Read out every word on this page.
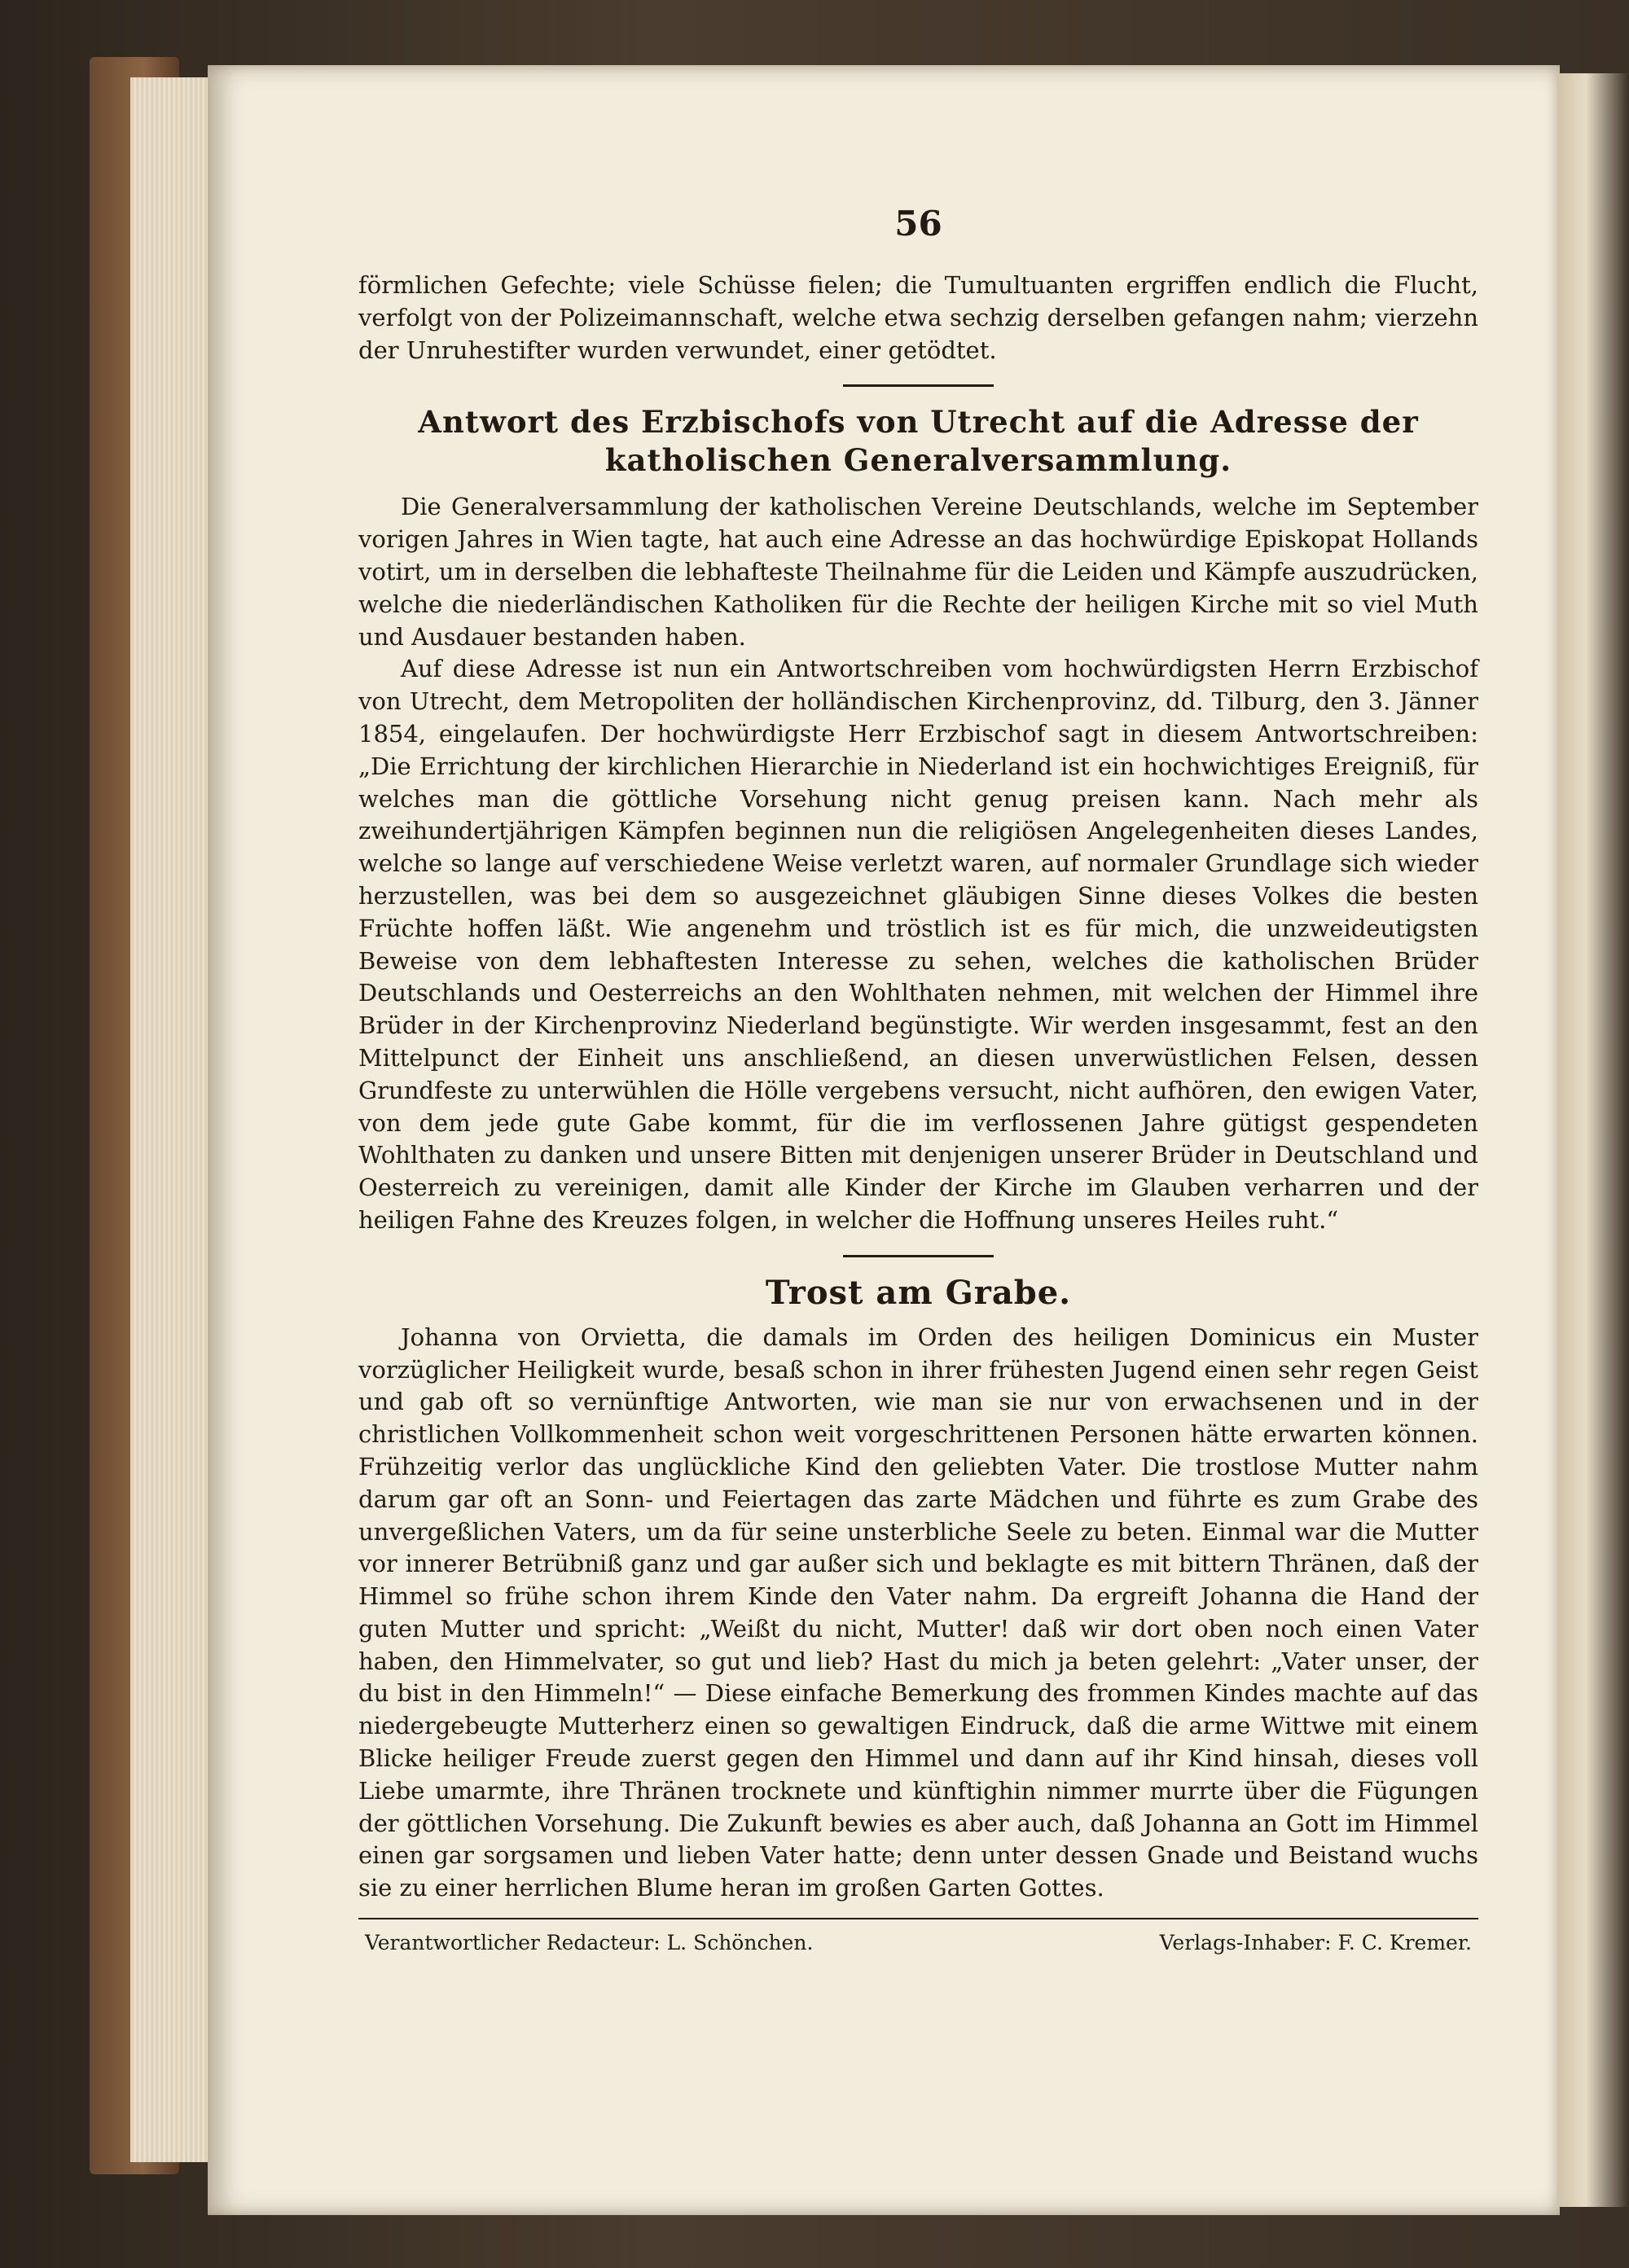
56

förmlichen Gefechte; viele Schüsse fielen; die Tumultuanten ergriffen endlich die Flucht, verfolgt von der Polizeimannschaft, welche etwa sechzig derselben gefangen nahm; vierzehn der Unruhestifter wurden verwundet, einer getödtet.

Antwort des Erzbischofs von Utrecht auf die Adresse der katholischen Generalversammlung.

Die Generalversammlung der katholischen Vereine Deutschlands, welche im September vorigen Jahres in Wien tagte, hat auch eine Adresse an das hochwürdige Episkopat Hollands votirt, um in derselben die lebhafteste Theilnahme für die Leiden und Kämpfe auszudrücken, welche die niederländischen Katholiken für die Rechte der heiligen Kirche mit so viel Muth und Ausdauer bestanden haben.

Auf diese Adresse ist nun ein Antwortschreiben vom hochwürdigsten Herrn Erzbischof von Utrecht, dem Metropoliten der holländischen Kirchenprovinz, dd. Tilburg, den 3. Jänner 1854, eingelaufen. Der hochwürdigste Herr Erzbischof sagt in diesem Antwortschreiben: „Die Errichtung der kirchlichen Hierarchie in Niederland ist ein hochwichtiges Ereigniß, für welches man die göttliche Vorsehung nicht genug preisen kann. Nach mehr als zweihundertjährigen Kämpfen beginnen nun die religiösen Angelegenheiten dieses Landes, welche so lange auf verschiedene Weise verletzt waren, auf normaler Grundlage sich wieder herzustellen, was bei dem so ausgezeichnet gläubigen Sinne dieses Volkes die besten Früchte hoffen läßt. Wie angenehm und tröstlich ist es für mich, die unzweideutigsten Beweise von dem lebhaftesten Interesse zu sehen, welches die katholischen Brüder Deutschlands und Oesterreichs an den Wohlthaten nehmen, mit welchen der Himmel ihre Brüder in der Kirchenprovinz Niederland begünstigte. Wir werden insgesammt, fest an den Mittelpunct der Einheit uns anschließend, an diesen unverwüstlichen Felsen, dessen Grundfeste zu unterwühlen die Hölle vergebens versucht, nicht aufhören, den ewigen Vater, von dem jede gute Gabe kommt, für die im verflossenen Jahre gütigst gespendeten Wohlthaten zu danken und unsere Bitten mit denjenigen unserer Brüder in Deutschland und Oesterreich zu vereinigen, damit alle Kinder der Kirche im Glauben verharren und der heiligen Fahne des Kreuzes folgen, in welcher die Hoffnung unseres Heiles ruht.“

Trost am Grabe.

Johanna von Orvietta, die damals im Orden des heiligen Dominicus ein Muster vorzüglicher Heiligkeit wurde, besaß schon in ihrer frühesten Jugend einen sehr regen Geist und gab oft so vernünftige Antworten, wie man sie nur von erwachsenen und in der christlichen Vollkommenheit schon weit vorgeschrittenen Personen hätte erwarten können. Frühzeitig verlor das unglückliche Kind den geliebten Vater. Die trostlose Mutter nahm darum gar oft an Sonn- und Feiertagen das zarte Mädchen und führte es zum Grabe des unvergeßlichen Vaters, um da für seine unsterbliche Seele zu beten. Einmal war die Mutter vor innerer Betrübniß ganz und gar außer sich und beklagte es mit bittern Thränen, daß der Himmel so frühe schon ihrem Kinde den Vater nahm. Da ergreift Johanna die Hand der guten Mutter und spricht: „Weißt du nicht, Mutter! daß wir dort oben noch einen Vater haben, den Himmelvater, so gut und lieb? Hast du mich ja beten gelehrt: „Vater unser, der du bist in den Himmeln!“ — Diese einfache Bemerkung des frommen Kindes machte auf das niedergebeugte Mutterherz einen so gewaltigen Eindruck, daß die arme Wittwe mit einem Blicke heiliger Freude zuerst gegen den Himmel und dann auf ihr Kind hinsah, dieses voll Liebe umarmte, ihre Thränen trocknete und künftighin nimmer murrte über die Fügungen der göttlichen Vorsehung. Die Zukunft bewies es aber auch, daß Johanna an Gott im Himmel einen gar sorgsamen und lieben Vater hatte; denn unter dessen Gnade und Beistand wuchs sie zu einer herrlichen Blume heran im großen Garten Gottes.

Verantwortlicher Redacteur: L. Schönchen.	Verlags-Inhaber: F. C. Kremer.
